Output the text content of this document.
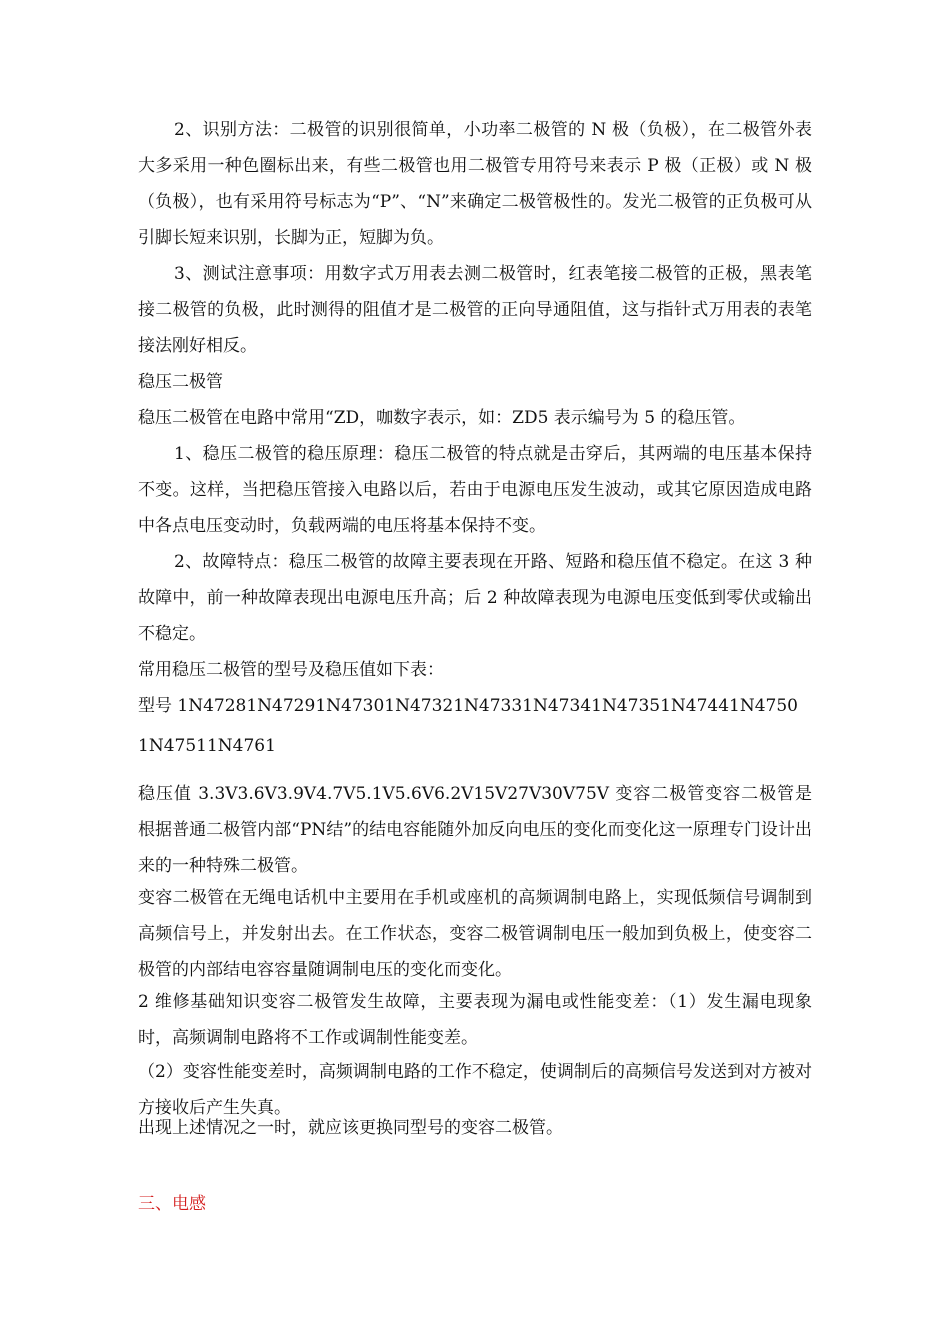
2、识别方法：二极管的识别很简单，小功率二极管的 N 极（负极），在二极管外表大多采用一种色圈标出来，有些二极管也用二极管专用符号来表示 P 极（正极）或 N 极（负极），也有采用符号标志为“P”、“N”来确定二极管极性的。发光二极管的正负极可从引脚长短来识别，长脚为正，短脚为负。

3、测试注意事项：用数字式万用表去测二极管时，红表笔接二极管的正极，黑表笔接二极管的负极，此时测得的阻值才是二极管的正向导通阻值，这与指针式万用表的表笔接法刚好相反。

稳压二极管

稳压二极管在电路中常用“ZD，咖数字表示，如：ZD5 表示编号为 5 的稳压管。

1、稳压二极管的稳压原理：稳压二极管的特点就是击穿后，其两端的电压基本保持不变。这样，当把稳压管接入电路以后，若由于电源电压发生波动，或其它原因造成电路中各点电压变动时，负载两端的电压将基本保持不变。

2、故障特点：稳压二极管的故障主要表现在开路、短路和稳压值不稳定。在这 3 种故障中，前一种故障表现出电源电压升高；后 2 种故障表现为电源电压变低到零伏或输出不稳定。

常用稳压二极管的型号及稳压值如下表：

型号 1N47281N47291N47301N47321N47331N47341N47351N47441N4750

1N47511N4761

稳压值 3.3V3.6V3.9V4.7V5.1V5.6V6.2V15V27V30V75V 变容二极管变容二极管是根据普通二极管内部“PN结”的结电容能随外加反向电压的变化而变化这一原理专门设计出来的一种特殊二极管。

变容二极管在无绳电话机中主要用在手机或座机的高频调制电路上，实现低频信号调制到高频信号上，并发射出去。在工作状态，变容二极管调制电压一般加到负极上，使变容二极管的内部结电容容量随调制电压的变化而变化。

2 维修基础知识变容二极管发生故障，主要表现为漏电或性能变差：（1）发生漏电现象时，高频调制电路将不工作或调制性能变差。

（2）变容性能变差时，高频调制电路的工作不稳定，使调制后的高频信号发送到对方被对方接收后产生失真。

出现上述情况之一时，就应该更换同型号的变容二极管。

三、电感
